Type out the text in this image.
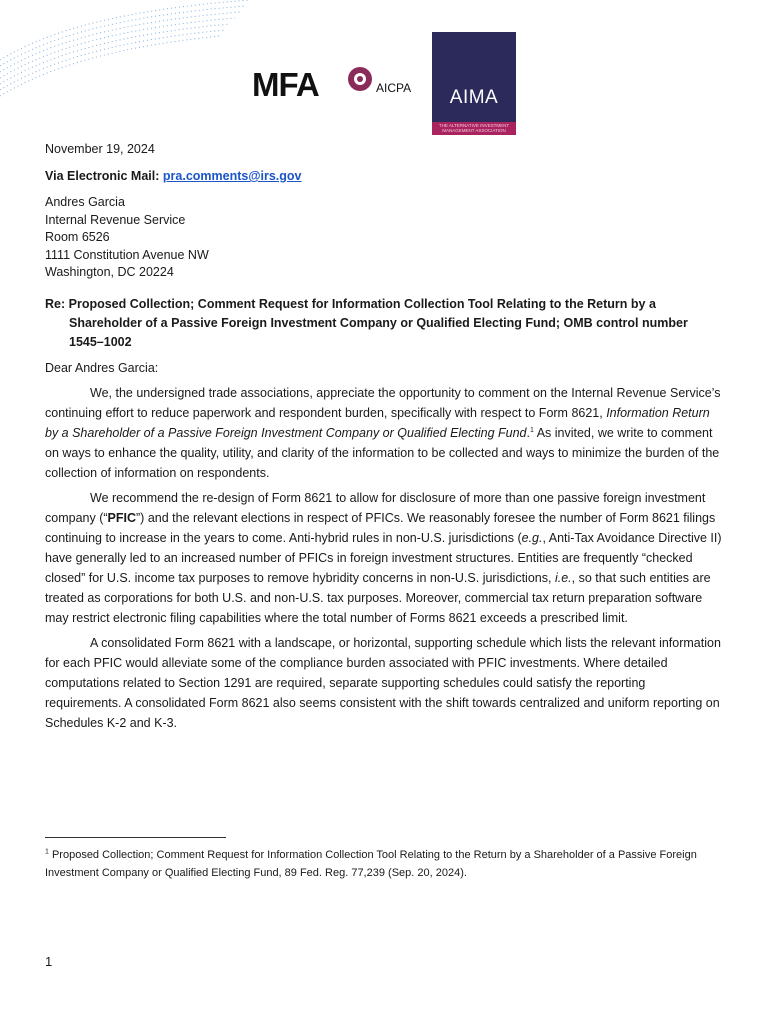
MFA	AICPA	AIMA
THE ALTERNATIVE INVESTMENT MANAGEMENT ASSOCIATION

November 19, 2024

Via Electronic Mail: pra.comments@irs.gov

Andres Garcia
Internal Revenue Service
Room 6526
1111 Constitution Avenue NW
Washington, DC 20224

Re: Proposed Collection; Comment Request for Information Collection Tool Relating to the Return by a Shareholder of a Passive Foreign Investment Company or Qualified Electing Fund; OMB control number 1545–1002

Dear Andres Garcia:

We, the undersigned trade associations, appreciate the opportunity to comment on the Internal Revenue Service’s continuing effort to reduce paperwork and respondent burden, specifically with respect to Form 8621, Information Return by a Shareholder of a Passive Foreign Investment Company or Qualified Electing Fund.$^1$ As invited, we write to comment on ways to enhance the quality, utility, and clarity of the information to be collected and ways to minimize the burden of the collection of information on respondents.

We recommend the re-design of Form 8621 to allow for disclosure of more than one passive foreign investment company (“PFIC”) and the relevant elections in respect of PFICs. We reasonably foresee the number of Form 8621 filings continuing to increase in the years to come. Anti-hybrid rules in non-U.S. jurisdictions (e.g., Anti-Tax Avoidance Directive II) have generally led to an increased number of PFICs in foreign investment structures. Entities are frequently “checked closed” for U.S. income tax purposes to remove hybridity concerns in non-U.S. jurisdictions, i.e., so that such entities are treated as corporations for both U.S. and non-U.S. tax purposes. Moreover, commercial tax return preparation software may restrict electronic filing capabilities where the total number of Forms 8621 exceeds a prescribed limit.

A consolidated Form 8621 with a landscape, or horizontal, supporting schedule which lists the relevant information for each PFIC would alleviate some of the compliance burden associated with PFIC investments. Where detailed computations related to Section 1291 are required, separate supporting schedules could satisfy the reporting requirements. A consolidated Form 8621 also seems consistent with the shift towards centralized and uniform reporting on Schedules K-2 and K-3.

$^1$ Proposed Collection; Comment Request for Information Collection Tool Relating to the Return by a Shareholder of a Passive Foreign Investment Company or Qualified Electing Fund, 89 Fed. Reg. 77,239 (Sep. 20, 2024).
1
